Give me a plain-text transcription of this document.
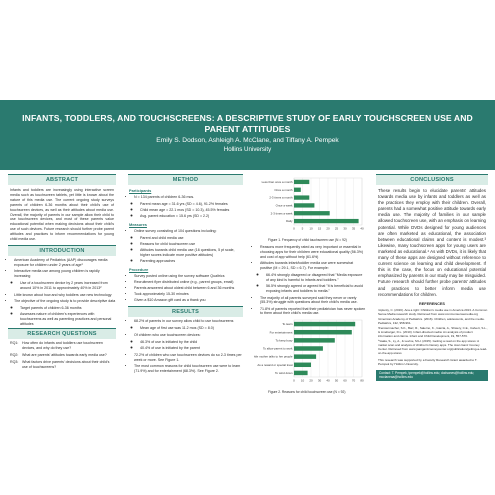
INFANTS, TODDLERS, AND TOUCHSCREENS: A DESCRIPTIVE STUDY OF EARLY TOUCHSCREEN USE AND PARENT ATTITUDES
Emily S. Dodson, Ashleigh A. McClane, and Tiffany A. Pempek
Hollins University
ABSTRACT

Infants and toddlers are increasingly using interactive screen media such as touchscreen tablets, yet little is known about the nature of this media use. The current ongoing study surveys parents of children 6-36 months about their child's use of touchscreen devices, as well as their attitudes about media use. Overall, the majority of parents in our sample allow their child to use touchscreen devices, and most of these parents value educational potential when making decisions about their child's use of such devices. Future research should further probe parent attitudes and practices to inform recommendations for young child media use.

INTRODUCTION
• American Academy of Pediatrics (AAP) discourages media exposure for children under 2 years of age¹
• Interactive media use among young children is rapidly increasing
◦ Use of a touchscreen device by 2 years increased from around 10% in 2011 to approximately 40% in 2013²
• Little known about how and why toddlers use new technology
• The objective of the ongoing study is to provide descriptive data
◦ Target parents of children 6-36 months
◦ Assesses nature of children's experiences with touchscreens as well as parenting practices and personal attitudes
RESEARCH QUESTIONS
RQ1:	How often do infants and toddlers use touchscreen devices, and why do they use?
RQ2:	What are parents' attitudes towards early media use?
RQ3:	What factors drive parents' decisions about their child's use of touchscreens?
METHOD
Participants
• N = 134 parents of children 6-36 mos.
◦ Parent mean age = 31.6 yrs (SD = 4.6), 91.2% females
◦ Child mean age = 22.1 mos (SD = 10.3), 45.5% females
◦ Avg. parent education = 15.6 yrs (SD = 2.2)
Measures
• Online survey consisting of 104 questions including:
◦ Parent and child media use
◦ Reasons for child touchscreen use
◦ Attitudes towards child media use (16 questions, 5 pt scale, higher scores indicate more positive attitudes)
◦ Parenting approaches
Procedure
• Survey posted online using the survey software Qualtrics
• Recruitment flyer distributed online (e.g., parent groups, email)
• Parents answered about oldest child between 6 and 36 months
• Took approximately 15-30 minutes
• Given a $10 Amazon gift card as a thank you
RESULTS
• 68.2% of parents in our survey allow child to use touchscreens
◦ Mean age of first use was 11.2 mos (SD = 8.0)
• Of children who use touchscreen devices:
◦ 46.3% of use is initiated by the child
◦ 40.4% of use is initiated by the parent
• 72.2% of children who use touchscreen devices do so 2-3 times per week or more. See Figure 1.
• The most common reasons for child touchscreen use were to learn (71.9%) and for entertainment (68.3%). See Figure 2.
0 5 10 15 20 25 30 35 40
Less than once a month
Once a month
2-3 times a month
Once a week
2-3 times a week
Daily
Figure 1. Frequency of child touchscreen use (N = 92)
• Reasons more frequently rated as very important or essential in choosing apps for their children were educational quality (56.3%) and cost of app without help (61.6%)
• Attitudes towards infant/toddler media use were somewhat positive (M = 29.1, SD = 6.7). For example:
◦ 66.4% strongly disagreed or disagreed that "Media exposure of any kind is harmful to infants and toddlers."
◦ 56.5% strongly agreed or agreed that "It is beneficial to avoid exposing infants and toddlers to media."
• The majority of all parents surveyed said they never or rarely (55.3%) struggle with questions about their child's media use.
• 71.8% of parents reported that their pediatrician has never spoken to them about their child's media use.
0 10 20 30 40 50 60 70 80
To learn
For entertainment
To keep busy
To allow parent to work
While mother talks to her people
As a reward or special treat
To wind down
Figure 2. Reasons for child touchscreen use (N = 92)
CONCLUSIONS

These results begin to elucidate parents' attitudes towards media use by infants and toddlers as well as the practices they employ with their children. Overall, parents had a somewhat positive attitude towards early media use. The majority of families in our sample allowed touchscreen use, with an emphasis on learning potential. While DVDs designed for young audiences are often marketed as educational, the association between educational claims and content is modest.³ Likewise, many touchscreen apps for young users are marketed as educational.⁴ As with DVDs, it is likely that many of these apps are designed without reference to current science on learning and child development. If this is the case, the focus on educational potential emphasized by parents in our study may be misguided. Future research should further probe parents' attitudes and practices to better inform media use recommendations for children.

REFERENCES
¹Aplenty, C. (2016). Ana a right: Children's media use in America 2013. A Common Sense Media research study. Retrieved from www.commonsensemedia.org
²American Academy of Pediatrics. (2016). Children, adolescents, and the media. Pediatrics, 132, 958-961.
³Fenstermacher, S.K., Barr, R., Salerno, K., Garcia, A., Shwery, C.E., Calvert, S.L., & Linebarger, D.L. (2010). Infant-directed media: An analysis of product information and claims. Infant and Child Development, 19, 557-576.
⁴Vaala, S., Ly, A., & Levine, M.H. (2015). Getting a read on the app stores: A market scan and analysis of children's literacy apps. The Joan Ganz Cooney Center. Retrieved from www.joanganzcooneycenter.org/publication/getting-a-read-on-the-app-stores
This research was supported by a Faculty Research Grant awarded to T. Pempek by Hollins University.
Contact: T. Pempek, tpempek@hollins.edu; dodsones@hollins.edu; mcclaneaa@hollins.edu
